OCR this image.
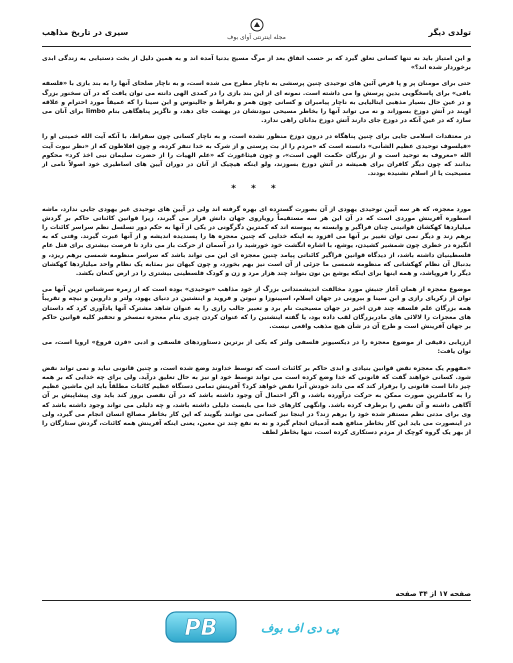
تولدی دیگر
مجله اینترنتی آوای بوف
سیری در تاریخ مذاهب

و این امتیاز باید نه تنها کسانی تعلق گیرد که بر حسب اتفاق بعد از مرگ مسیح بدنیا آمده اند و به همین دلیل از بخت دستیابی به زندگی ابدی برخوردار شده اند؟»

حتی برای مومنان پر و پا قرص آئین های توحیدی چنین پرسشی به ناچار مطرح می شده است، و به ناچار صلحای آنها را به بند بازی با «فلسفه بافی» برای پاسخگویی بدین پرسش وا می داشته است. نمونه ای از این بند بازی را در کمدی الهی دانته می توان یافت که در آن سخنور بزرگ و در عین حال بسیار مذهبی ایتالیایی به ناچار پیامبران و کسانی چون همر و بقراط و جالینوس و ابن سینا را که عمیقاً مورد احترام و علاقه اویند در آتش دوزخ بسوزاند و نه می تواند آنها را بخاطر مسیحی نبودنشان در بهشت جای دهد، و ناگزیر پناهگاهی بنام limbo برای آنان می سازد که در عین آنکه در دوزخ جای دارند آتش دوزخ بدانان راهی ندارد.

در معتقدات اسلامی جایی برای چنین پناهگاه در درون دوزخ منظور نشده است، و به ناچار کسانی چون سقراط، با آنکه آیت الله خمینی او را «فیلسوف توحیدی عظیم الشأنی» دانسته است که «مردم را از بت پرستی و از شرک به خدا تنفر کرده، و چون افلاطون که از «نظر نبوت آیت الله «معروف به توحید است و از بزرگان حکمت الهی است»، و چون فیثاغورث که «علم الهیات را از حضرت سلیمان نبی اخذ کرد» محکوم بدانند که چون دیگر کافران برای همیشه در آتش دوزخ بسوزند، ولو اینکه هیچیک از آنان در دوران آیین های اساطیری خود اصولاً نامی از مسیحیت یا از اسلام نشنیده بودند.

* * *

مورد معجزه، که هر سه آیین توحیدی یهودی از آن بصورت گسترده ای بهره گرفته اند ولی در آیین های توحیدی غیر یهودی جایی ندارد، ماشه اسطوره آفرینش موردی است که در آن این هر سه مستقیماً رویاروی جهان دانش قرار می گیرند، زیرا قوانین کائناتی حاکم بر گردش میلیاردها کهکشان قوانینی چنان فراگیر و وابسته به پیوسته اند که کمترین دگرگونی در یکی از آنها به حکم دور تسلسل نظم سراسر کائنات را برهم زند و دیگر نمی توان تغییر بر آنها می افزود به اینکه خدایی که چنین معجزه ها را پسندیده اندیشه و از آنها عبرت گیرند. وقتی که به انگیزه در خطری چون شمشیر کشیدن، یوشع، با اشاره انگشت خود خورشید را در آسمان از حرکت باز می دارد تا فرصت بیشتری برای قتل عام فلسطینیان داشته باشد، از دیدگاه قوانین فراگیر کائناتی پیامد چنین معجزه ای این می تواند باشد که سراسر منظومه شمسی برهم ریزد، و بدنبال آن نظام کهکشانی که منظومه شمسی ما جزئی از آن است نیز بهم بخورد، و چون کیهان نیز بمثابه یک نظام واحد میلیاردها کهکشان دیگر را فروپاشد، و همه اینها برای اینکه یوشع بن نون بتواند چند هزار مرد و زن و کودک فلسطینی بیشتری را در ارض کنعان بکشد.

موضوع معجزه از همان آغاز جنبش مورد مخالفت اندیشمندانی بزرگ از خود مذاهب «توحیدی» بوده است که از زمره سرشناس ترین آنها می توان از زکریای رازی و ابن سینا و بیرونی در جهان اسلام، اسپینوزا و نیوتن و فروید و اینشتین در دنیای یهود، ولتر و داروین و نیچه و تقریباً همه بزرگان علم فلسفه چند قرن اخیر در جهان مسیحیت نام برد و تعبیر جالب رازی را به عنوان شاهد مشترک آنها یادآوری کرد که داستان های معجزات را لالائی های مادربزرگان لقب داده بود، یا گفته اینشتین را که عنوان کردن چیزی بنام معجزه تمسخر و تحقیر کلیه قوانین حاکم بر جهان آفرینش است و طرح آن در شأن هیچ مذهب واقعی نیست.

ارزیابی دقیقی از موضوع معجزه را در دیکسیونر فلسفی ولتر که یکی از برترین دستاوردهای فلسفی و ادبی «قرن فروغ» اروپا است، می توان یافت:

«مفهوم یک معجزه نقض قوانین بنیادی و ابدی حاکم بر کائنات است که توسط خداوند وضع شده است، و چنین قانونی نباید و نمی تواند نقض شود. کسانی خواهند گفت که قانونی که خدا وضع کرده است می تواند توسط خود او نیز به حال تعلیق درآید. ولی برای چه خدایی که بر همه چیز دانا است قانونی را برقرار کند که می داند خودش آنرا نقض خواهد کرد؟ آفرینش تمامی دستگاه عظیم کائنات مطلقاً باید این ماشین عظیم را به کاملترین صورت ممکن به حرکت درآورده باشد، و اگر احتمال آن وجود داشته باشد که در آن نقصی بروز کند باید وی پیشاپیش بر آن آگاهی داشته و آن نقص را برطرف کرده باشد. وانگهی کارهای خدا می بایست دلیلی داشته باشد، و چه دلیلی می تواند وجود داشته باشد که وی برای مدتی نظم مستقر شده خود را برهم زند؟ در اینجا نیز کسانی می توانند بگویند که این کار بخاطر مصالح انسان انجام می گیرد، ولی در اینصورت می باید این کار بخاطر منافع همه آدمیان انجام گیرد و نه به نفع چند تن معین، یعنی اینکه آفرینش همه کائنات، گردش ستارگان را از بهر یک گروه کوچک از مردم دستکاری کرده است، تنها بخاطر لطف

صفحه ۱۷ از ۳۴ صفحه
PB	پی دی اف بوف
